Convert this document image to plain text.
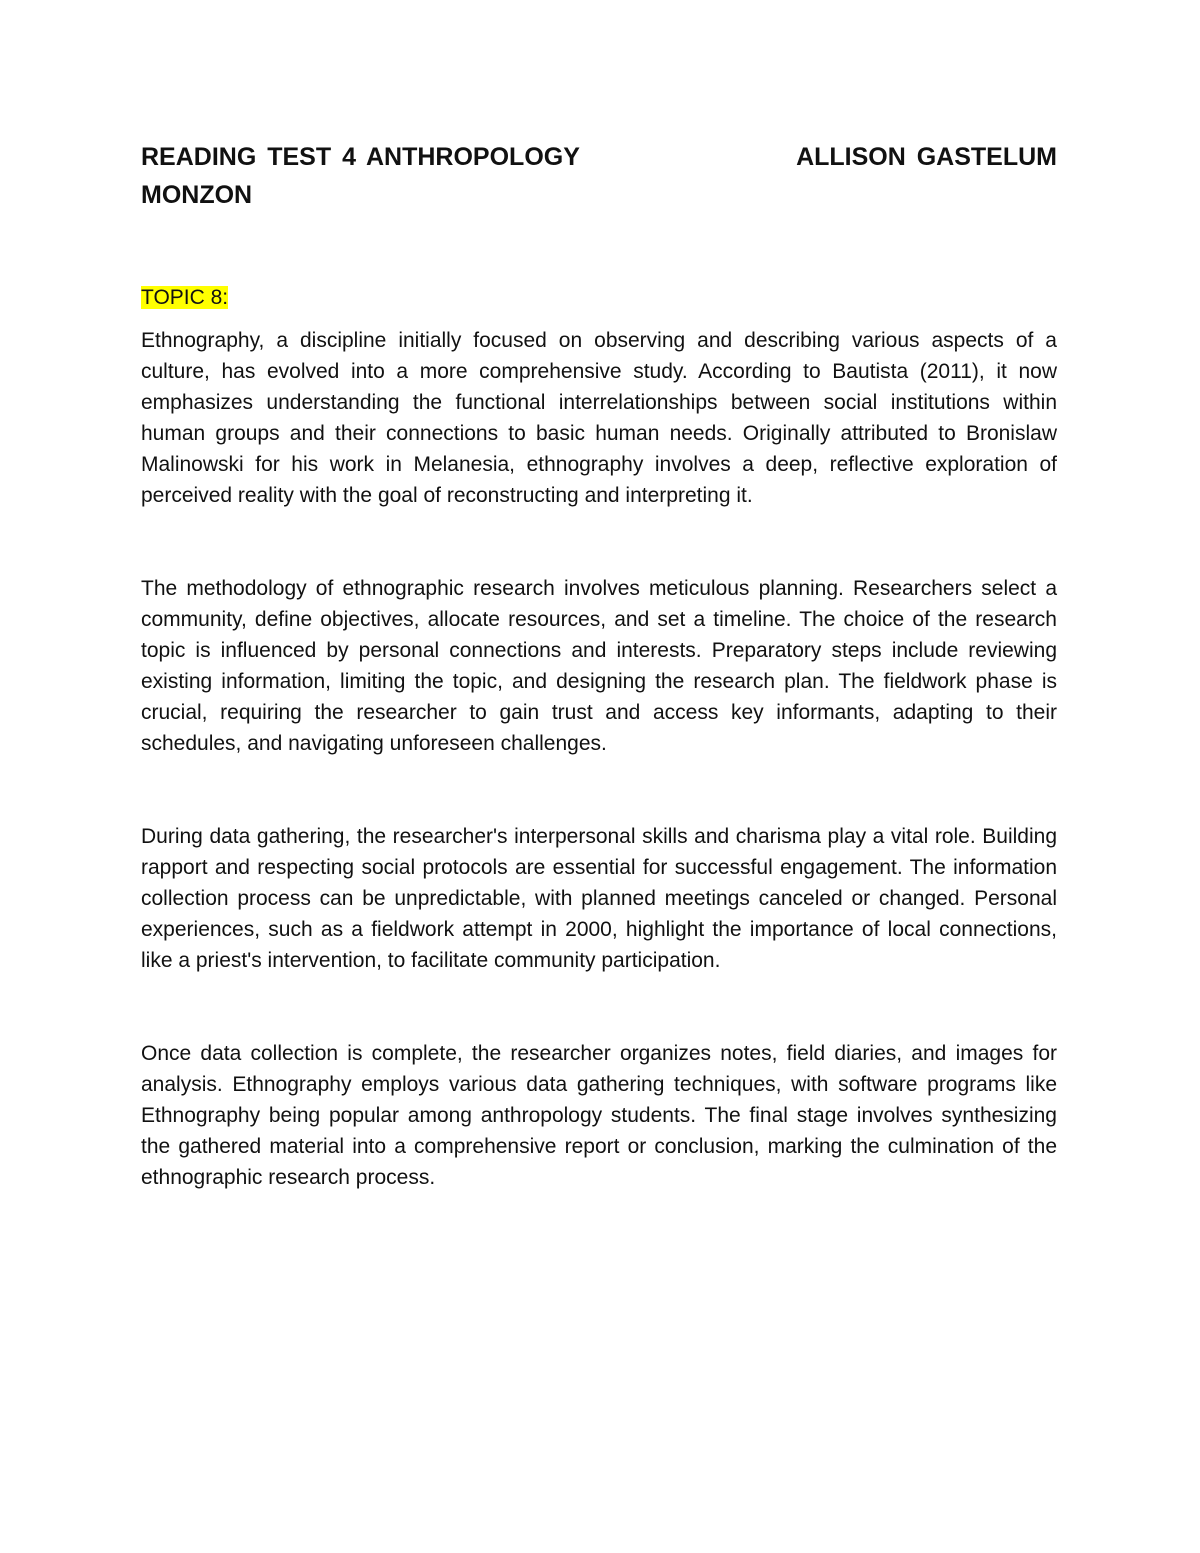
READING TEST 4 ANTHROPOLOGY	ALLISON GASTELUM
MONZON
TOPIC 8:

Ethnography, a discipline initially focused on observing and describing various aspects of a culture, has evolved into a more comprehensive study. According to Bautista (2011), it now emphasizes understanding the functional interrelationships between social institutions within human groups and their connections to basic human needs. Originally attributed to Bronislaw Malinowski for his work in Melanesia, ethnography involves a deep, reflective exploration of perceived reality with the goal of reconstructing and interpreting it.

The methodology of ethnographic research involves meticulous planning. Researchers select a community, define objectives, allocate resources, and set a timeline. The choice of the research topic is influenced by personal connections and interests. Preparatory steps include reviewing existing information, limiting the topic, and designing the research plan. The fieldwork phase is crucial, requiring the researcher to gain trust and access key informants, adapting to their schedules, and navigating unforeseen challenges.

During data gathering, the researcher's interpersonal skills and charisma play a vital role. Building rapport and respecting social protocols are essential for successful engagement. The information collection process can be unpredictable, with planned meetings canceled or changed. Personal experiences, such as a fieldwork attempt in 2000, highlight the importance of local connections, like a priest's intervention, to facilitate community participation.

Once data collection is complete, the researcher organizes notes, field diaries, and images for analysis. Ethnography employs various data gathering techniques, with software programs like Ethnography being popular among anthropology students. The final stage involves synthesizing the gathered material into a comprehensive report or conclusion, marking the culmination of the ethnographic research process.
